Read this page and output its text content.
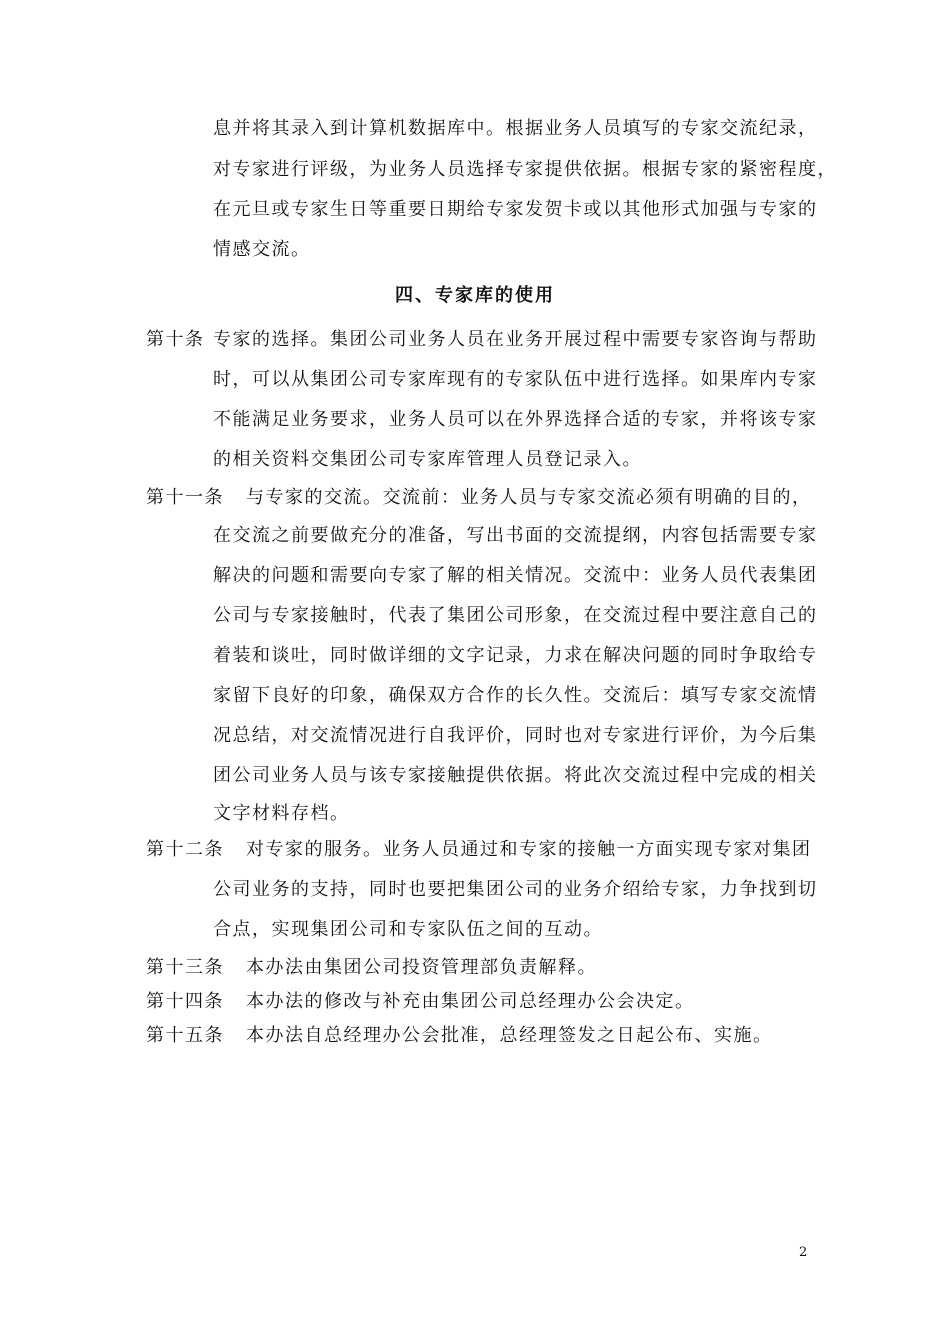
息并将其录入到计算机数据库中。根据业务人员填写的专家交流纪录，
对专家进行评级，为业务人员选择专家提供依据。根据专家的紧密程度，
在元旦或专家生日等重要日期给专家发贺卡或以其他形式加强与专家的
情感交流。
四、专家库的使用
第十条 专家的选择。集团公司业务人员在业务开展过程中需要专家咨询与帮助
时，可以从集团公司专家库现有的专家队伍中进行选择。如果库内专家
不能满足业务要求，业务人员可以在外界选择合适的专家，并将该专家
的相关资料交集团公司专家库管理人员登记录入。
第十一条 与专家的交流。交流前：业务人员与专家交流必须有明确的目的，
在交流之前要做充分的准备，写出书面的交流提纲，内容包括需要专家
解决的问题和需要向专家了解的相关情况。交流中：业务人员代表集团
公司与专家接触时，代表了集团公司形象，在交流过程中要注意自己的
着装和谈吐，同时做详细的文字记录，力求在解决问题的同时争取给专
家留下良好的印象，确保双方合作的长久性。交流后：填写专家交流情
况总结，对交流情况进行自我评价，同时也对专家进行评价，为今后集
团公司业务人员与该专家接触提供依据。将此次交流过程中完成的相关
文字材料存档。
第十二条 对专家的服务。业务人员通过和专家的接触一方面实现专家对集团
公司业务的支持，同时也要把集团公司的业务介绍给专家，力争找到切
合点，实现集团公司和专家队伍之间的互动。
第十三条 本办法由集团公司投资管理部负责解释。
第十四条 本办法的修改与补充由集团公司总经理办公会决定。
第十五条 本办法自总经理办公会批准，总经理签发之日起公布、实施。
2
